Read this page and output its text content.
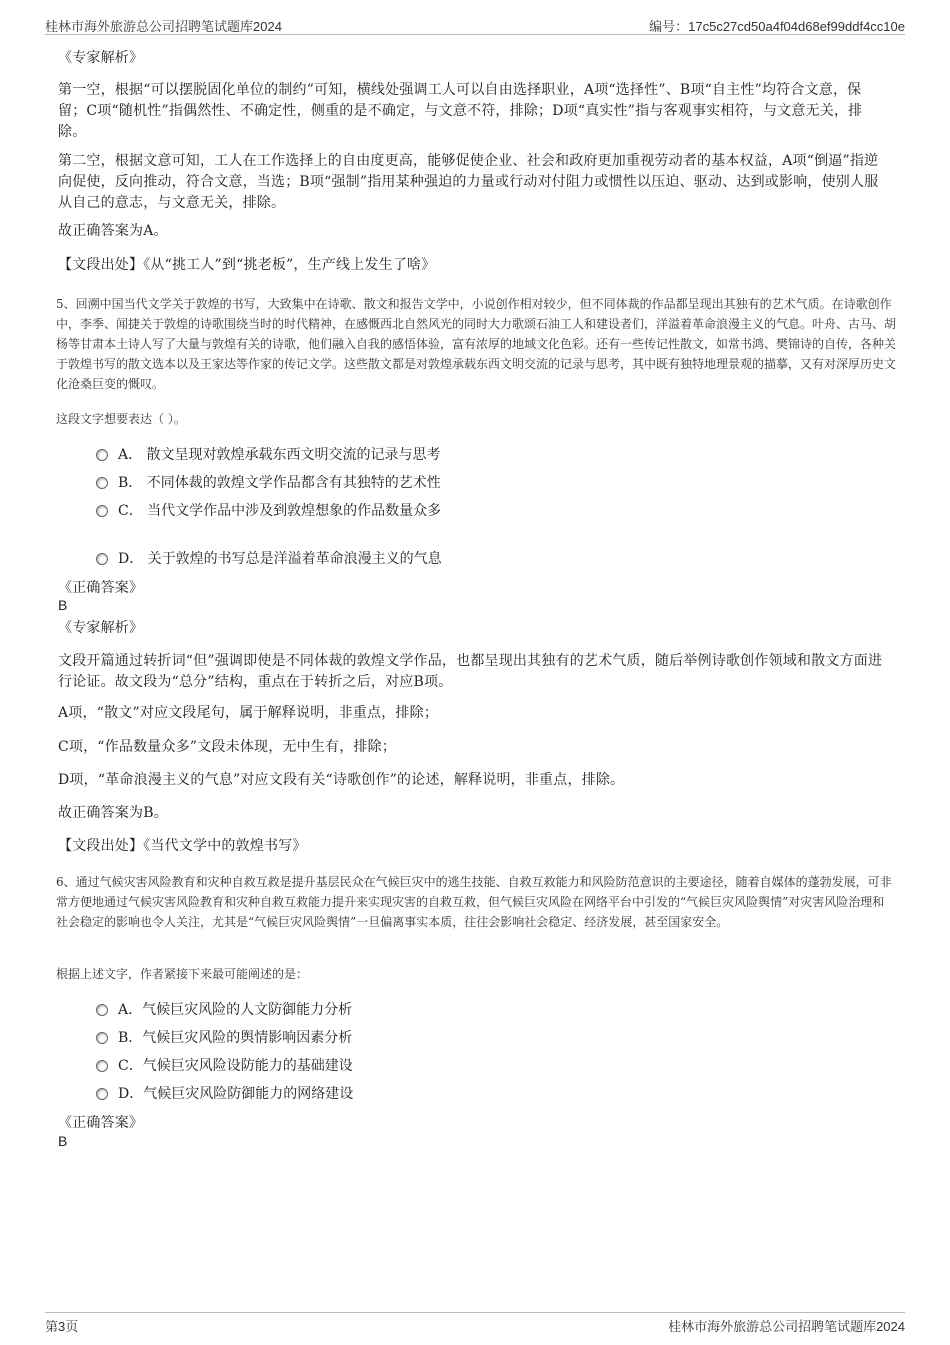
桂林市海外旅游总公司招聘笔试题库2024	编号：17c5c27cd50a4f04d68ef99ddf4cc10e
《专家解析》
第一空，根据“可以摆脱固化单位的制约”可知，横线处强调工人可以自由选择职业，A项“选择性”、B项“自主性”均符合文意，保留；C项“随机性”指偶然性、不确定性，侧重的是不确定，与文意不符，排除；D项“真实性”指与客观事实相符，与文意无关，排除。
第二空，根据文意可知，工人在工作选择上的自由度更高，能够促使企业、社会和政府更加重视劳动者的基本权益，A项“倒逼”指逆向促使，反向推动，符合文意，当选；B项“强制”指用某种强迫的力量或行动对付阻力或惯性以压迫、驱动、达到或影响，使别人服从自己的意志，与文意无关，排除。
故正确答案为A。
【文段出处】《从“挑工人”到“挑老板”，生产线上发生了啥》
5、回溯中国当代文学关于敦煌的书写，大致集中在诗歌、散文和报告文学中，小说创作相对较少，但不同体裁的作品都呈现出其独有的艺术气质。在诗歌创作中，李季、闻捷关于敦煌的诗歌围绕当时的时代精神，在感慨西北自然风光的同时大力歌颂石油工人和建设者们，洋溢着革命浪漫主义的气息。叶舟、古马、胡杨等甘肃本土诗人写了大量与敦煌有关的诗歌，他们融入自我的感悟体验，富有浓厚的地域文化色彩。还有一些传记性散文，如常书鸿、樊锦诗的自传，各种关于敦煌书写的散文选本以及王家达等作家的传记文学。这些散文都是对敦煌承载东西文明交流的记录与思考，其中既有独特地理景观的描摹，又有对深厚历史文化沧桑巨变的慨叹。
这段文字想要表达（ ）。
A． 散文呈现对敦煌承载东西文明交流的记录与思考
B． 不同体裁的敦煌文学作品都含有其独特的艺术性
C． 当代文学作品中涉及到敦煌想象的作品数量众多
D． 关于敦煌的书写总是洋溢着革命浪漫主义的气息
《正确答案》
B
《专家解析》
文段开篇通过转折词“但”强调即使是不同体裁的敦煌文学作品，也都呈现出其独有的艺术气质，随后举例诗歌创作领域和散文方面进行论证。故文段为“总分”结构，重点在于转折之后，对应B项。
A项，“散文”对应文段尾句，属于解释说明，非重点，排除；
C项，“作品数量众多”文段未体现，无中生有，排除；
D项，“革命浪漫主义的气息”对应文段有关“诗歌创作”的论述，解释说明，非重点，排除。
故正确答案为B。
【文段出处】《当代文学中的敦煌书写》
6、通过气候灾害风险教育和灾种自救互救是提升基层民众在气候巨灾中的逃生技能、自救互救能力和风险防范意识的主要途径，随着自媒体的蓬勃发展，可非常方便地通过气候灾害风险教育和灾种自救互救能力提升来实现灾害的自救互救，但气候巨灾风险在网络平台中引发的“气候巨灾风险舆情”对灾害风险治理和社会稳定的影响也令人关注，尤其是“气候巨灾风险舆情”一旦偏离事实本质，往往会影响社会稳定、经济发展，甚至国家安全。
根据上述文字，作者紧接下来最可能阐述的是：
A．气候巨灾风险的人文防御能力分析
B．气候巨灾风险的舆情影响因素分析
C．气候巨灾风险设防能力的基础建设
D．气候巨灾风险防御能力的网络建设
《正确答案》
B
第3页	桂林市海外旅游总公司招聘笔试题库2024
